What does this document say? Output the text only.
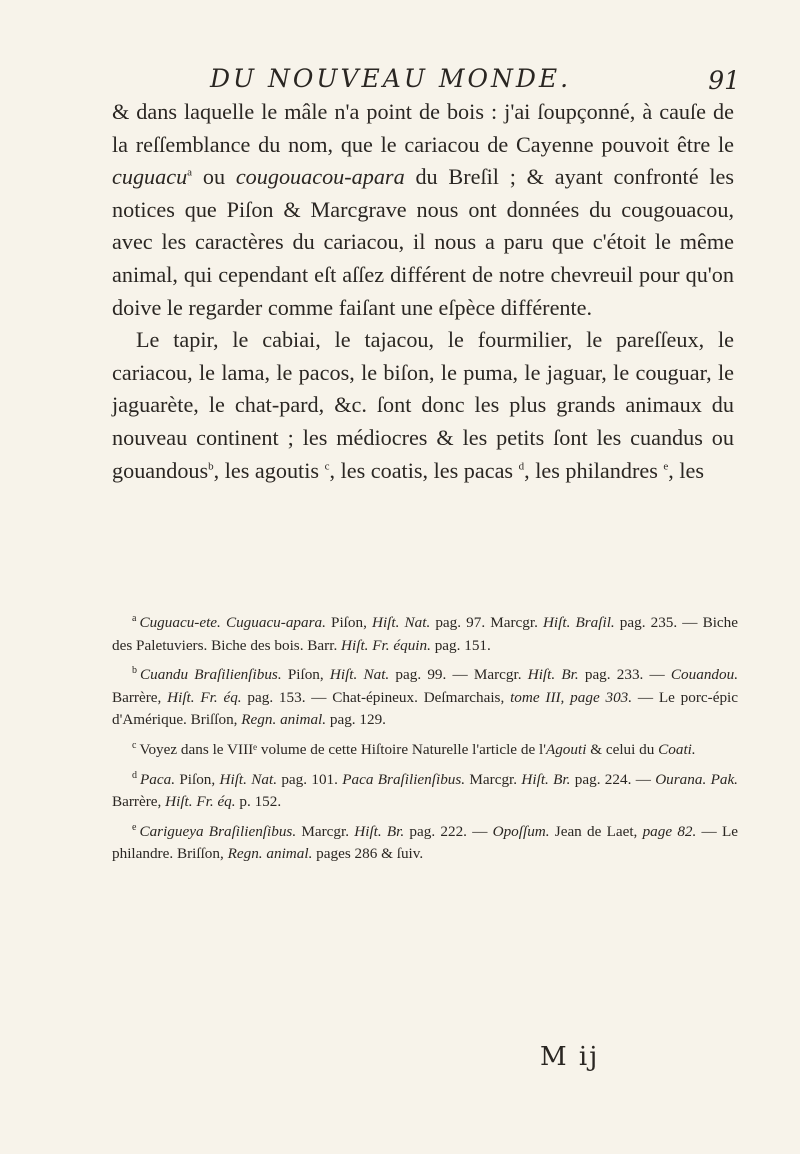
DU NOUVEAU MONDE.	91

& dans laquelle le mâle n'a point de bois : j'ai ſoupçonné, à cauſe de la reſſemblance du nom, que le cariacou de Cayenne pouvoit être le cuguacu$^a$ ou cougouacou-apara du Breſil ; & ayant confronté les notices que Piſon & Marcgrave nous ont données du cougouacou, avec les caractères du cariacou, il nous a paru que c'étoit le même animal, qui cependant eſt aſſez différent de notre chevreuil pour qu'on doive le regarder comme faiſant une eſpèce différente.

Le tapir, le cabiai, le tajacou, le fourmilier, le pareſſeux, le cariacou, le lama, le pacos, le biſon, le puma, le jaguar, le couguar, le jaguarète, le chat-pard, &c. ſont donc les plus grands animaux du nouveau continent ; les médiocres & les petits ſont les cuandus ou gouandous$^b$, les agoutis $^c$, les coatis, les pacas $^d$, les philandres $^e$, les

$^a$ Cuguacu-ete. Cuguacu-apara. Piſon, Hiſt. Nat. pag. 97. Marcgr. Hiſt. Braſil. pag. 235. — Biche des Paletuviers. Biche des bois. Barr. Hiſt. Fr. équin. pag. 151.

$^b$ Cuandu Braſilienſibus. Piſon, Hiſt. Nat. pag. 99. — Marcgr. Hiſt. Br. pag. 233. — Couandou. Barrère, Hiſt. Fr. éq. pag. 153. — Chat-épineux. Deſmarchais, tome III, page 303. — Le porc-épic d'Amérique. Briſſon, Regn. animal. pag. 129.

$^c$ Voyez dans le VIIIᵉ volume de cette Hiſtoire Naturelle l'article de l'Agouti & celui du Coati.

$^d$ Paca. Piſon, Hiſt. Nat. pag. 101. Paca Braſilienſibus. Marcgr. Hiſt. Br. pag. 224. — Ourana. Pak. Barrère, Hiſt. Fr. éq. p. 152.

$^e$ Cariguеya Braſilienſibus. Marcgr. Hiſt. Br. pag. 222. — Opoſſum. Jean de Laet, page 82. — Le philandre. Briſſon, Regn. animal. pages 286 & ſuiv.

M ij
